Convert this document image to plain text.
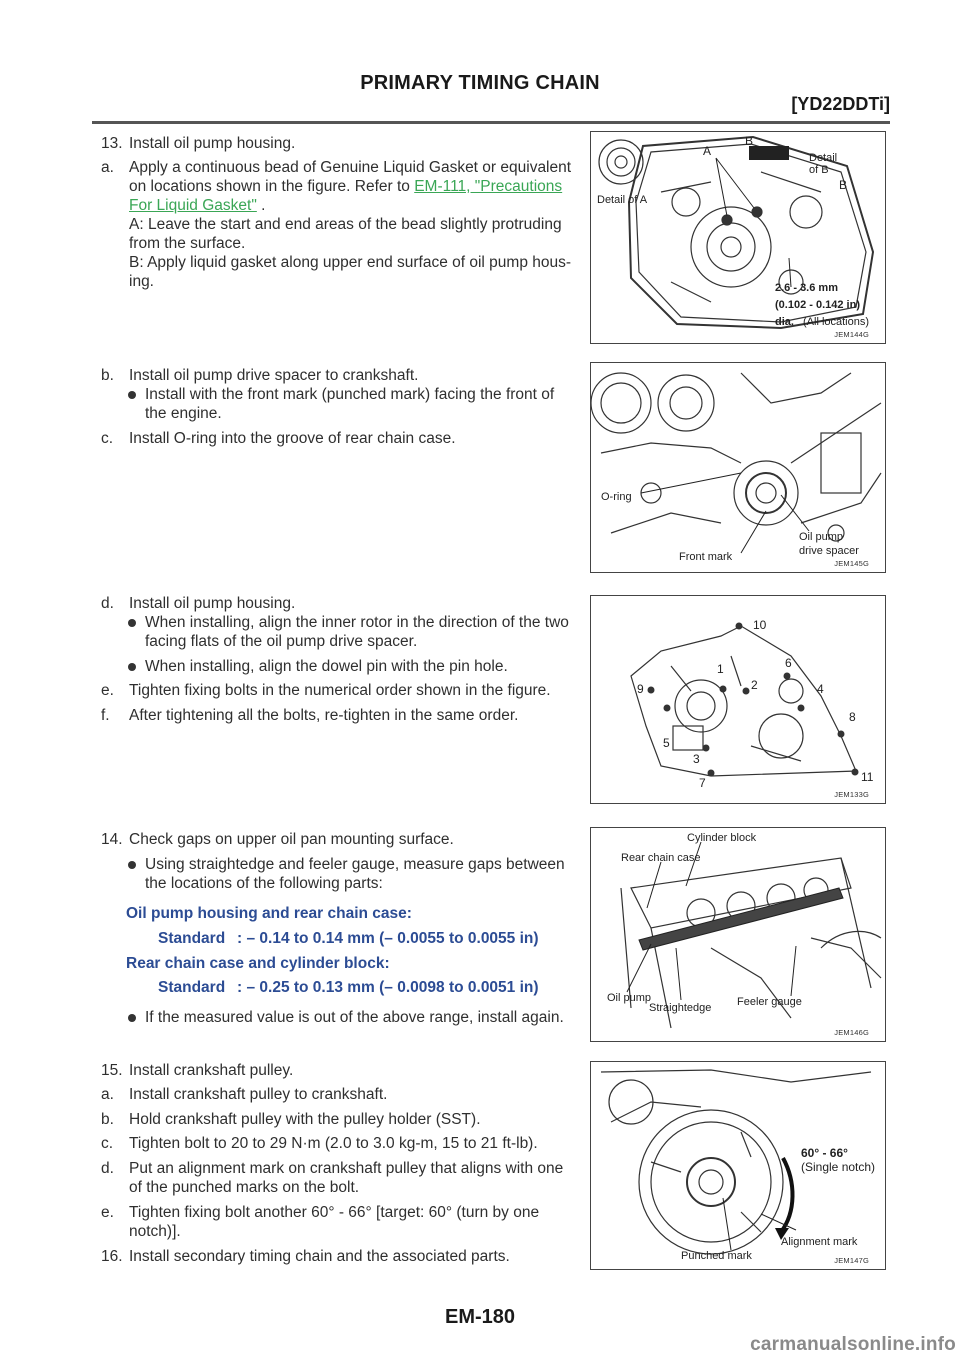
PRIMARY TIMING CHAIN
[YD22DDTi]
13. Install oil pump housing.
a. Apply a continuous bead of Genuine Liquid Gasket or equivalent
on locations shown in the figure. Refer to EM-111, "Precautions
For Liquid Gasket" .
A: Leave the start and end areas of the bead slightly protruding
from the surface.
B: Apply liquid gasket along upper end surface of oil pump hous-
ing.
b. Install oil pump drive spacer to crankshaft.
Install with the front mark (punched mark) facing the front of
the engine.
c. Install O-ring into the groove of rear chain case.
d. Install oil pump housing.
When installing, align the inner rotor in the direction of the two
facing flats of the oil pump drive spacer.
When installing, align the dowel pin with the pin hole.
e. Tighten fixing bolts in the numerical order shown in the figure.
f. After tightening all the bolts, re-tighten in the same order.
14. Check gaps on upper oil pan mounting surface.
Using straightedge and feeler gauge, measure gaps between
the locations of the following parts:
Oil pump housing and rear chain case:
Standard : – 0.14 to 0.14 mm (– 0.0055 to 0.0055 in)
Rear chain case and cylinder block:
Standard : – 0.25 to 0.13 mm (– 0.0098 to 0.0051 in)
If the measured value is out of the above range, install again.
15. Install crankshaft pulley.
a. Install crankshaft pulley to crankshaft.
b. Hold crankshaft pulley with the pulley holder (SST).
c. Tighten bolt to 20 to 29 N·m (2.0 to 3.0 kg-m, 15 to 21 ft-lb).
d. Put an alignment mark on crankshaft pulley that aligns with one
of the punched marks on the bolt.
e. Tighten fixing bolt another 60° - 66° [target: 60° (turn by one
notch)].
16. Install secondary timing chain and the associated parts.
Detail of A
A
B
Detail
of B
B
2.6 - 3.6 mm
(0.102 - 0.142 in)
dia. (All locations)
JEM144G
O-ring
Front mark
Oil pump
drive spacer
JEM145G
1
2
3
4
5
6
7
8
9
10
11
JEM133G
Cylinder block
Rear chain case
Oil pump
Straightedge Feeler gauge
JEM146G
60° - 66°
(Single notch)
Alignment mark
Punched mark	JEM147G
EM-180
carmanualsonline.info
